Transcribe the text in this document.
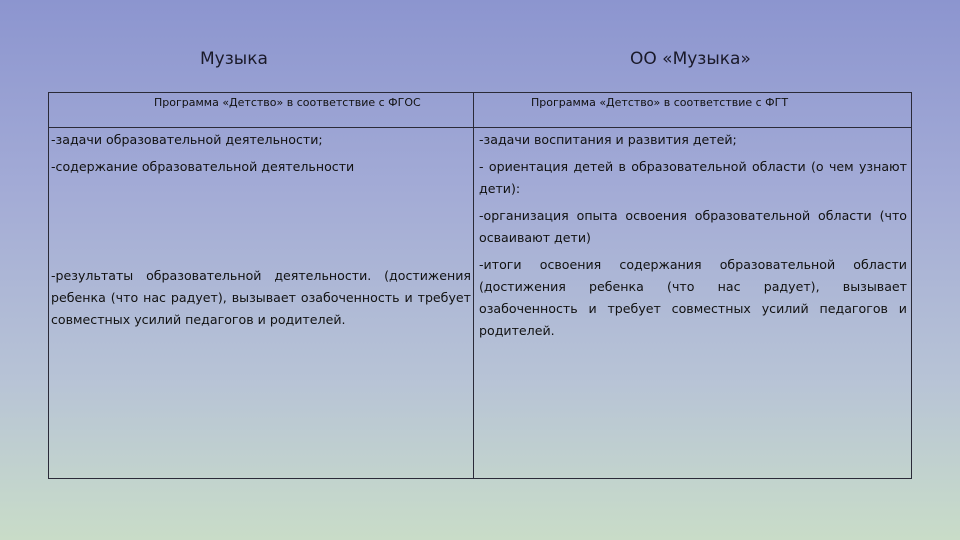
Музыка	ОО «Музыка»
Программа «Детство» в соответствие с ФГОС	Программа «Детство» в соответствие с ФГТ
-задачи образовательной деятельности;
-содержание образовательной деятельности
-результаты образовательной деятельности. (достижения ребенка (что нас радует), вызывает озабоченность и требует совместных усилий педагогов и родителей.
-задачи воспитания и развития детей;
- ориентация детей в образовательной области (о чем узнают дети):
-организация опыта освоения образовательной области (что осваивают дети)
-итоги освоения содержания образовательной области (достижения ребенка (что нас радует), вызывает озабоченность и требует совместных усилий педагогов и родителей.
